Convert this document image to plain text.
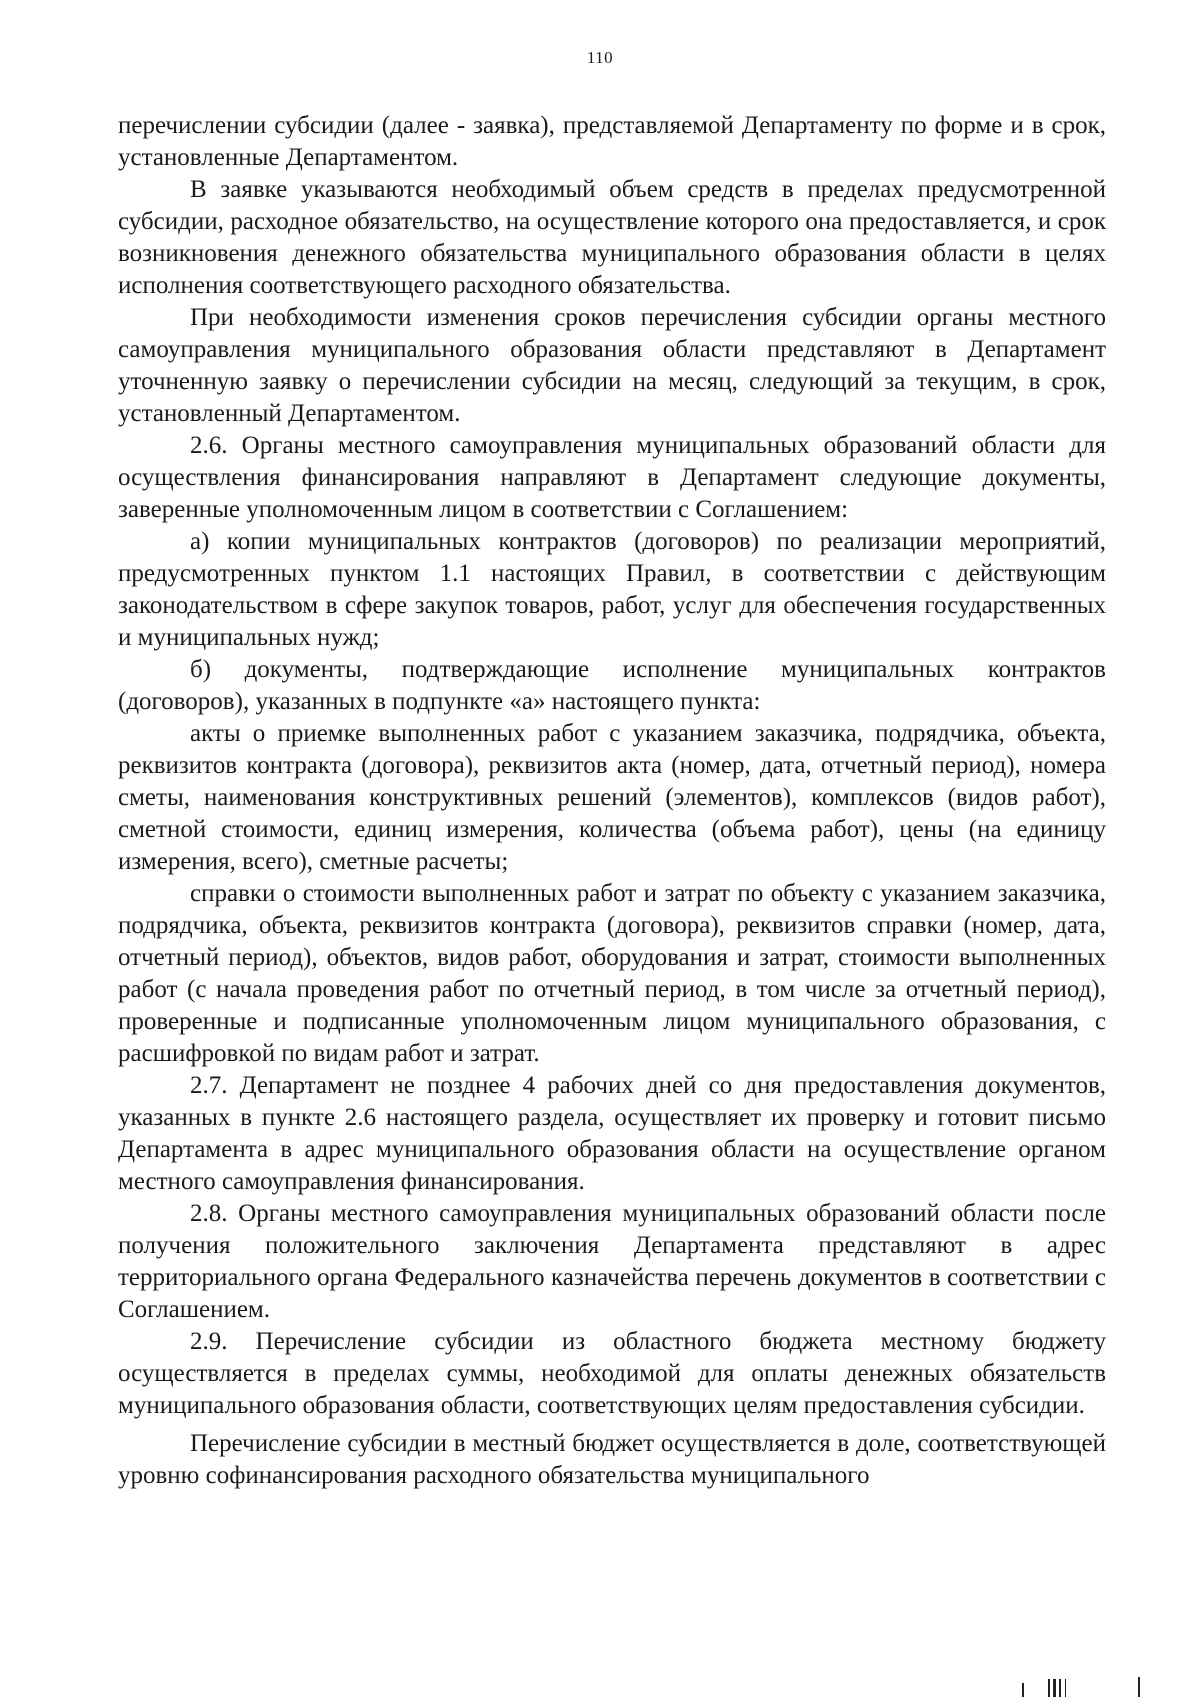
110

перечислении субсидии (далее - заявка), представляемой Департаменту по форме и в срок, установленные Департаментом.

В заявке указываются необходимый объем средств в пределах предусмотренной субсидии, расходное обязательство, на осуществление которого она предоставляется, и срок возникновения денежного обязательства муниципального образования области в целях исполнения соответствующего расходного обязательства.

При необходимости изменения сроков перечисления субсидии органы местного самоуправления муниципального образования области представляют в Департамент уточненную заявку о перечислении субсидии на месяц, следующий за текущим, в срок, установленный Департаментом.

2.6. Органы местного самоуправления муниципальных образований области для осуществления финансирования направляют в Департамент следующие документы, заверенные уполномоченным лицом в соответствии с Соглашением:

а) копии муниципальных контрактов (договоров) по реализации мероприятий, предусмотренных пунктом 1.1 настоящих Правил, в соответствии с действующим законодательством в сфере закупок товаров, работ, услуг для обеспечения государственных и муниципальных нужд;

б) документы, подтверждающие исполнение муниципальных контрактов (договоров), указанных в подпункте «а» настоящего пункта:

акты о приемке выполненных работ с указанием заказчика, подрядчика, объекта, реквизитов контракта (договора), реквизитов акта (номер, дата, отчетный период), номера сметы, наименования конструктивных решений (элементов), комплексов (видов работ), сметной стоимости, единиц измерения, количества (объема работ), цены (на единицу измерения, всего), сметные расчеты;

справки о стоимости выполненных работ и затрат по объекту с указанием заказчика, подрядчика, объекта, реквизитов контракта (договора), реквизитов справки (номер, дата, отчетный период), объектов, видов работ, оборудования и затрат, стоимости выполненных работ (с начала проведения работ по отчетный период, в том числе за отчетный период), проверенные и подписанные уполномоченным лицом муниципального образования, с расшифровкой по видам работ и затрат.

2.7. Департамент не позднее 4 рабочих дней со дня предоставления документов, указанных в пункте 2.6 настоящего раздела, осуществляет их проверку и готовит письмо Департамента в адрес муниципального образования области на осуществление органом местного самоуправления финансирования.

2.8. Органы местного самоуправления муниципальных образований области после получения положительного заключения Департамента представляют в адрес территориального органа Федерального казначейства перечень документов в соответствии с Соглашением.

2.9. Перечисление субсидии из областного бюджета местному бюджету осуществляется в пределах суммы, необходимой для оплаты денежных обязательств муниципального образования области, соответствующих целям предоставления субсидии.

Перечисление субсидии в местный бюджет осуществляется в доле, соответствующей уровню софинансирования расходного обязательства муниципального
